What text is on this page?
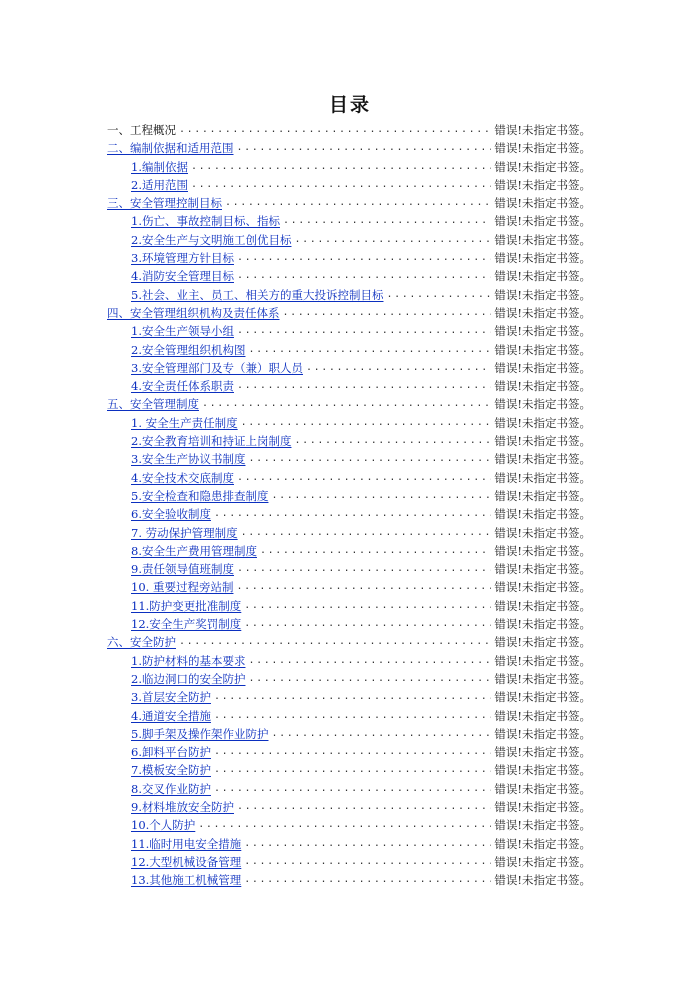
目录
一、工程概况 .....	错误!未指定书签。
二、编制依据和适用范围 .....	错误!未指定书签。
1.编制依据 .....	错误!未指定书签。
2.适用范围 .....	错误!未指定书签。
三、安全管理控制目标 .....	错误!未指定书签。
1.伤亡、事故控制目标、指标 .....	错误!未指定书签。
2.安全生产与文明施工创优目标 .....	错误!未指定书签。
3.环境管理方针目标 .....	错误!未指定书签。
4.消防安全管理目标 .....	错误!未指定书签。
5.社会、业主、员工、相关方的重大投诉控制目标 .....	错误!未指定书签。
四、安全管理组织机构及责任体系 .....	错误!未指定书签。
1.安全生产领导小组 .....	错误!未指定书签。
2.安全管理组织机构图 .....	错误!未指定书签。
3.安全管理部门及专（兼）职人员 .....	错误!未指定书签。
4.安全责任体系职责 .....	错误!未指定书签。
五、安全管理制度 .....	错误!未指定书签。
1. 安全生产责任制度 .....	错误!未指定书签。
2.安全教育培训和持证上岗制度 .....	错误!未指定书签。
3.安全生产协议书制度 .....	错误!未指定书签。
4.安全技术交底制度 .....	错误!未指定书签。
5.安全检查和隐患排查制度 .....	错误!未指定书签。
6.安全验收制度 .....	错误!未指定书签。
7. 劳动保护管理制度 .....	错误!未指定书签。
8.安全生产费用管理制度 .....	错误!未指定书签。
9.责任领导值班制度 .....	错误!未指定书签。
10. 重要过程旁站制 .....	错误!未指定书签。
11.防护变更批准制度 .....	错误!未指定书签。
12.安全生产奖罚制度 .....	错误!未指定书签。
六、安全防护 .....	错误!未指定书签。
1.防护材料的基本要求 .....	错误!未指定书签。
2.临边洞口的安全防护 .....	错误!未指定书签。
3.首层安全防护 .....	错误!未指定书签。
4.通道安全措施 .....	错误!未指定书签。
5.脚手架及操作架作业防护 .....	错误!未指定书签。
6.卸料平台防护 .....	错误!未指定书签。
7.模板安全防护 .....	错误!未指定书签。
8.交叉作业防护 .....	错误!未指定书签。
9.材料堆放安全防护 .....	错误!未指定书签。
10.个人防护 .....	错误!未指定书签。
11.临时用电安全措施 .....	错误!未指定书签。
12.大型机械设备管理 .....	错误!未指定书签。
13.其他施工机械管理 .....	错误!未指定书签。
